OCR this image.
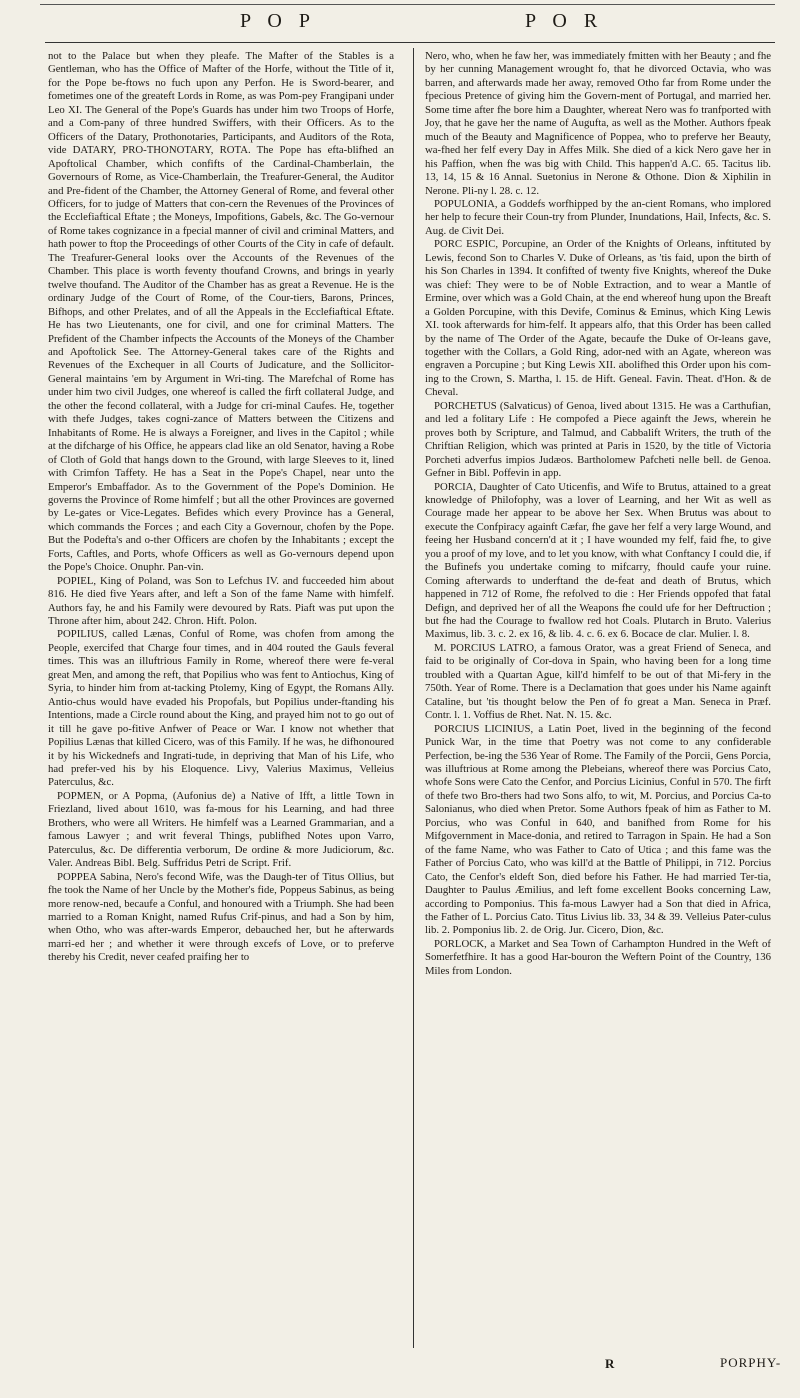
P O P	P O R

not to the Palace but when they pleafe. The Mafter of the Stables is a Gentleman, who has the Office of Mafter of the Horfe, without the Title of it, for the Pope be-ftows no fuch upon any Perfon. He is Sword-bearer, and fometimes one of the greateft Lords in Rome, as was Pom-pey Frangipani under Leo XI. The General of the Pope's Guards has under him two Troops of Horfe, and a Com-pany of three hundred Swiffers, with their Officers. As to the Officers of the Datary, Prothonotaries, Participants, and Auditors of the Rota, vide DATARY, PRO-THONOTARY, ROTA. The Pope has efta-blifhed an Apoftolical Chamber, which confifts of the Cardinal-Chamberlain, the Governours of Rome, as Vice-Chamberlain, the Treafurer-General, the Auditor and Pre-fident of the Chamber, the Attorney General of Rome, and feveral other Officers, for to judge of Matters that con-cern the Revenues of the Provinces of the Ecclefiaftical Eftate ; the Moneys, Impofitions, Gabels, &c. The Go-vernour of Rome takes cognizance in a fpecial manner of civil and criminal Matters, and hath power to ftop the Proceedings of other Courts of the City in cafe of default. The Treafurer-General looks over the Accounts of the Revenues of the Chamber. This place is worth feventy thoufand Crowns, and brings in yearly twelve thoufand. The Auditor of the Chamber has as great a Revenue. He is the ordinary Judge of the Court of Rome, of the Cour-tiers, Barons, Princes, Bifhops, and other Prelates, and of all the Appeals in the Ecclefiaftical Eftate. He has two Lieutenants, one for civil, and one for criminal Matters. The Prefident of the Chamber infpects the Accounts of the Moneys of the Chamber and Apoftolick See. The Attorney-General takes care of the Rights and Revenues of the Exchequer in all Courts of Judicature, and the Sollicitor-General maintains 'em by Argument in Wri-ting. The Marefchal of Rome has under him two civil Judges, one whereof is called the firft collateral Judge, and the other the fecond collateral, with a Judge for cri-minal Caufes. He, together with thefe Judges, takes cogni-zance of Matters between the Citizens and Inhabitants of Rome. He is always a Foreigner, and lives in the Capitol ; while at the difcharge of his Office, he appears clad like an old Senator, having a Robe of Cloth of Gold that hangs down to the Ground, with large Sleeves to it, lined with Crimfon Taffety. He has a Seat in the Pope's Chapel, near unto the Emperor's Embaffador. As to the Government of the Pope's Dominion. He governs the Province of Rome himfelf ; but all the other Provinces are governed by Le-gates or Vice-Legates. Befides which every Province has a General, which commands the Forces ; and each City a Governour, chofen by the Pope. But the Podefta's and o-ther Officers are chofen by the Inhabitants ; except the Forts, Caftles, and Ports, whofe Officers as well as Go-vernours depend upon the Pope's Choice. Onuphr. Pan-vin.

POPIEL, King of Poland, was Son to Lefchus IV. and fucceeded him about 816. He died five Years after, and left a Son of the fame Name with himfelf. Authors fay, he and his Family were devoured by Rats. Piaft was put upon the Throne after him, about 242. Chron. Hift. Polon.

POPILIUS, called Lænas, Conful of Rome, was chofen from among the People, exercifed that Charge four times, and in 404 routed the Gauls feveral times. This was an illuftrious Family in Rome, whereof there were fe-veral great Men, and among the reft, that Popilius who was fent to Antiochus, King of Syria, to hinder him from at-tacking Ptolemy, King of Egypt, the Romans Ally. Antio-chus would have evaded his Propofals, but Popilius under-ftanding his Intentions, made a Circle round about the King, and prayed him not to go out of it till he gave po-fitive Anfwer of Peace or War. I know not whether that Popilius Lænas that killed Cicero, was of this Family. If he was, he difhonoured it by his Wickednefs and Ingrati-tude, in depriving that Man of his Life, who had prefer-ved his by his Eloquence. Livy, Valerius Maximus, Velleius Paterculus, &c.

POPMEN, or A Popma, (Aufonius de) a Native of Ifft, a little Town in Friezland, lived about 1610, was fa-mous for his Learning, and had three Brothers, who were all Writers. He himfelf was a Learned Grammarian, and a famous Lawyer ; and writ feveral Things, publifhed Notes upon Varro, Paterculus, &c. De differentia verborum, De ordine & more Judiciorum, &c. Valer. Andreas Bibl. Belg. Suffridus Petri de Script. Frif.

POPPEA Sabina, Nero's fecond Wife, was the Daugh-ter of Titus Ollius, but fhe took the Name of her Uncle by the Mother's fide, Poppeus Sabinus, as being more renow-ned, becaufe a Conful, and honoured with a Triumph. She had been married to a Roman Knight, named Rufus Crif-pinus, and had a Son by him, when Otho, who was after-wards Emperor, debauched her, but he afterwards marri-ed her ; and whether it were through excefs of Love, or to preferve thereby his Credit, never ceafed praifing her to

Nero, who, when he faw her, was immediately fmitten with her Beauty ; and fhe by her cunning Management wrought fo, that he divorced Octavia, who was barren, and afterwards made her away, removed Otho far from Rome under the fpecious Pretence of giving him the Govern-ment of Portugal, and married her. Some time after fhe bore him a Daughter, whereat Nero was fo tranfported with Joy, that he gave her the name of Augufta, as well as the Mother. Authors fpeak much of the Beauty and Magnificence of Poppea, who to preferve her Beauty, wa-fhed her felf every Day in Affes Milk. She died of a kick Nero gave her in his Paffion, when fhe was big with Child. This happen'd A.C. 65. Tacitus lib. 13, 14, 15 & 16 Annal. Suetonius in Nerone & Othone. Dion & Xiphilin in Nerone. Pli-ny l. 28. c. 12.

POPULONIA, a Goddefs worfhipped by the an-cient Romans, who implored her help to fecure their Coun-try from Plunder, Inundations, Hail, Infects, &c. S. Aug. de Civit Dei.

PORC ESPIC, Porcupine, an Order of the Knights of Orleans, inftituted by Lewis, fecond Son to Charles V. Duke of Orleans, as 'tis faid, upon the birth of his Son Charles in 1394. It confifted of twenty five Knights, whereof the Duke was chief: They were to be of Noble Extraction, and to wear a Mantle of Ermine, over which was a Gold Chain, at the end whereof hung upon the Breaft a Golden Porcupine, with this Devife, Cominus & Eminus, which King Lewis XI. took afterwards for him-felf. It appears alfo, that this Order has been called by the name of The Order of the Agate, becaufe the Duke of Or-leans gave, together with the Collars, a Gold Ring, ador-ned with an Agate, whereon was engraven a Porcupine ; but King Lewis XII. abolifhed this Order upon his com-ing to the Crown, S. Martha, l. 15. de Hift. Geneal. Favin. Theat. d'Hon. & de Cheval.

PORCHETUS (Salvaticus) of Genoa, lived about 1315. He was a Carthufian, and led a folitary Life : He compofed a Piece againft the Jews, wherein he proves both by Scripture, and Talmud, and Cabbalift Writers, the truth of the Chriftian Religion, which was printed at Paris in 1520, by the title of Victoria Porcheti adverfus impios Judæos. Bartholomew Pafcheti nelle bell. de Genoa. Gefner in Bibl. Poffevin in app.

PORCIA, Daughter of Cato Uticenfis, and Wife to Brutus, attained to a great knowledge of Philofophy, was a lover of Learning, and her Wit as well as Courage made her appear to be above her Sex. When Brutus was about to execute the Confpiracy againft Cæfar, fhe gave her felf a very large Wound, and feeing her Husband concern'd at it ; I have wounded my felf, faid fhe, to give you a proof of my love, and to let you know, with what Conftancy I could die, if the Bufinefs you undertake coming to mifcarry, fhould caufe your ruine. Coming afterwards to underftand the de-feat and death of Brutus, which happened in 712 of Rome, fhe refolved to die : Her Friends oppofed that fatal Defign, and deprived her of all the Weapons fhe could ufe for her Deftruction ; but fhe had the Courage to fwallow red hot Coals. Plutarch in Bruto. Valerius Maximus, lib. 3. c. 2. ex 16, & lib. 4. c. 6. ex 6. Bocace de clar. Mulier. l. 8.

M. PORCIUS LATRO, a famous Orator, was a great Friend of Seneca, and faid to be originally of Cor-dova in Spain, who having been for a long time troubled with a Quartan Ague, kill'd himfelf to be out of that Mi-fery in the 750th. Year of Rome. There is a Declamation that goes under his Name againft Cataline, but 'tis thought below the Pen of fo great a Man. Seneca in Præf. Contr. l. 1. Voffius de Rhet. Nat. N. 15. &c.

PORCIUS LICINIUS, a Latin Poet, lived in the beginning of the fecond Punick War, in the time that Poetry was not come to any confiderable Perfection, be-ing the 536 Year of Rome. The Family of the Porcii, Gens Porcia, was illuftrious at Rome among the Plebeians, whereof there was Porcius Cato, whofe Sons were Cato the Cenfor, and Porcius Licinius, Conful in 570. The firft of thefe two Bro-thers had two Sons alfo, to wit, M. Porcius, and Porcius Ca-to Salonianus, who died when Pretor. Some Authors fpeak of him as Father to M. Porcius, who was Conful in 640, and banifhed from Rome for his Mifgovernment in Mace-donia, and retired to Tarragon in Spain. He had a Son of the fame Name, who was Father to Cato of Utica ; and this fame was the Father of Porcius Cato, who was kill'd at the Battle of Philippi, in 712. Porcius Cato, the Cenfor's eldeft Son, died before his Father. He had married Ter-tia, Daughter to Paulus Æmilius, and left fome excellent Books concerning Law, according to Pomponius. This fa-mous Lawyer had a Son that died in Africa, the Father of L. Porcius Cato. Titus Livius lib. 33, 34 & 39. Velleius Pater-culus lib. 2. Pomponius lib. 2. de Orig. Jur. Cicero, Dion, &c.

PORLOCK, a Market and Sea Town of Carhampton Hundred in the Weft of Somerfetfhire. It has a good Har-bouron the Weftern Point of the Country, 136 Miles from London.

R	PORPHY-
